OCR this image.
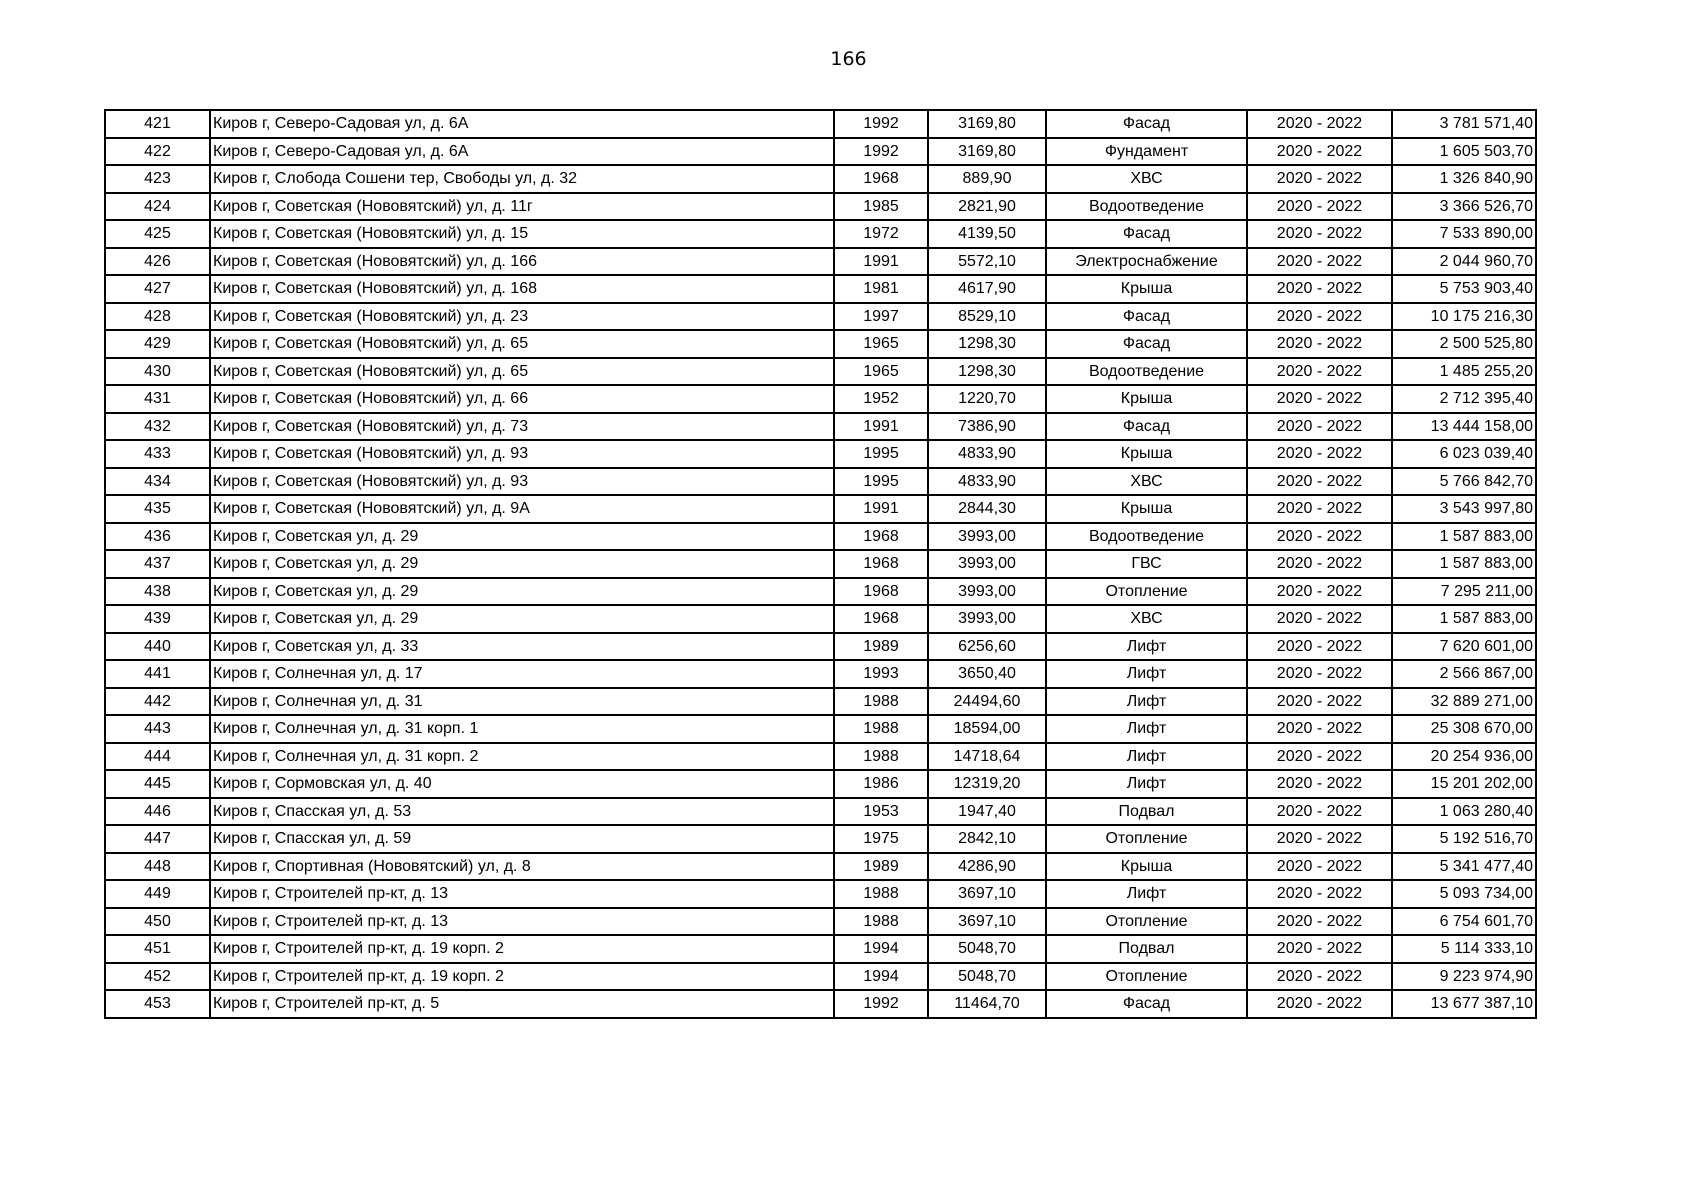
166
421	Киров г, Северо-Садовая ул, д. 6А	1992	3169,80	Фасад	2020 - 2022	3 781 571,40
422	Киров г, Северо-Садовая ул, д. 6А	1992	3169,80	Фундамент	2020 - 2022	1 605 503,70
423	Киров г, Слобода Сошени тер, Свободы ул, д. 32	1968	889,90	ХВС	2020 - 2022	1 326 840,90
424	Киров г, Советская (Нововятский) ул, д. 11г	1985	2821,90	Водоотведение	2020 - 2022	3 366 526,70
425	Киров г, Советская (Нововятский) ул, д. 15	1972	4139,50	Фасад	2020 - 2022	7 533 890,00
426	Киров г, Советская (Нововятский) ул, д. 166	1991	5572,10	Электроснабжение	2020 - 2022	2 044 960,70
427	Киров г, Советская (Нововятский) ул, д. 168	1981	4617,90	Крыша	2020 - 2022	5 753 903,40
428	Киров г, Советская (Нововятский) ул, д. 23	1997	8529,10	Фасад	2020 - 2022	10 175 216,30
429	Киров г, Советская (Нововятский) ул, д. 65	1965	1298,30	Фасад	2020 - 2022	2 500 525,80
430	Киров г, Советская (Нововятский) ул, д. 65	1965	1298,30	Водоотведение	2020 - 2022	1 485 255,20
431	Киров г, Советская (Нововятский) ул, д. 66	1952	1220,70	Крыша	2020 - 2022	2 712 395,40
432	Киров г, Советская (Нововятский) ул, д. 73	1991	7386,90	Фасад	2020 - 2022	13 444 158,00
433	Киров г, Советская (Нововятский) ул, д. 93	1995	4833,90	Крыша	2020 - 2022	6 023 039,40
434	Киров г, Советская (Нововятский) ул, д. 93	1995	4833,90	ХВС	2020 - 2022	5 766 842,70
435	Киров г, Советская (Нововятский) ул, д. 9А	1991	2844,30	Крыша	2020 - 2022	3 543 997,80
436	Киров г, Советская ул, д. 29	1968	3993,00	Водоотведение	2020 - 2022	1 587 883,00
437	Киров г, Советская ул, д. 29	1968	3993,00	ГВС	2020 - 2022	1 587 883,00
438	Киров г, Советская ул, д. 29	1968	3993,00	Отопление	2020 - 2022	7 295 211,00
439	Киров г, Советская ул, д. 29	1968	3993,00	ХВС	2020 - 2022	1 587 883,00
440	Киров г, Советская ул, д. 33	1989	6256,60	Лифт	2020 - 2022	7 620 601,00
441	Киров г, Солнечная ул, д. 17	1993	3650,40	Лифт	2020 - 2022	2 566 867,00
442	Киров г, Солнечная ул, д. 31	1988	24494,60	Лифт	2020 - 2022	32 889 271,00
443	Киров г, Солнечная ул, д. 31 корп. 1	1988	18594,00	Лифт	2020 - 2022	25 308 670,00
444	Киров г, Солнечная ул, д. 31 корп. 2	1988	14718,64	Лифт	2020 - 2022	20 254 936,00
445	Киров г, Сормовская ул, д. 40	1986	12319,20	Лифт	2020 - 2022	15 201 202,00
446	Киров г, Спасская ул, д. 53	1953	1947,40	Подвал	2020 - 2022	1 063 280,40
447	Киров г, Спасская ул, д. 59	1975	2842,10	Отопление	2020 - 2022	5 192 516,70
448	Киров г, Спортивная (Нововятский) ул, д. 8	1989	4286,90	Крыша	2020 - 2022	5 341 477,40
449	Киров г, Строителей пр-кт, д. 13	1988	3697,10	Лифт	2020 - 2022	5 093 734,00
450	Киров г, Строителей пр-кт, д. 13	1988	3697,10	Отопление	2020 - 2022	6 754 601,70
451	Киров г, Строителей пр-кт, д. 19 корп. 2	1994	5048,70	Подвал	2020 - 2022	5 114 333,10
452	Киров г, Строителей пр-кт, д. 19 корп. 2	1994	5048,70	Отопление	2020 - 2022	9 223 974,90
453	Киров г, Строителей пр-кт, д. 5	1992	11464,70	Фасад	2020 - 2022	13 677 387,10
